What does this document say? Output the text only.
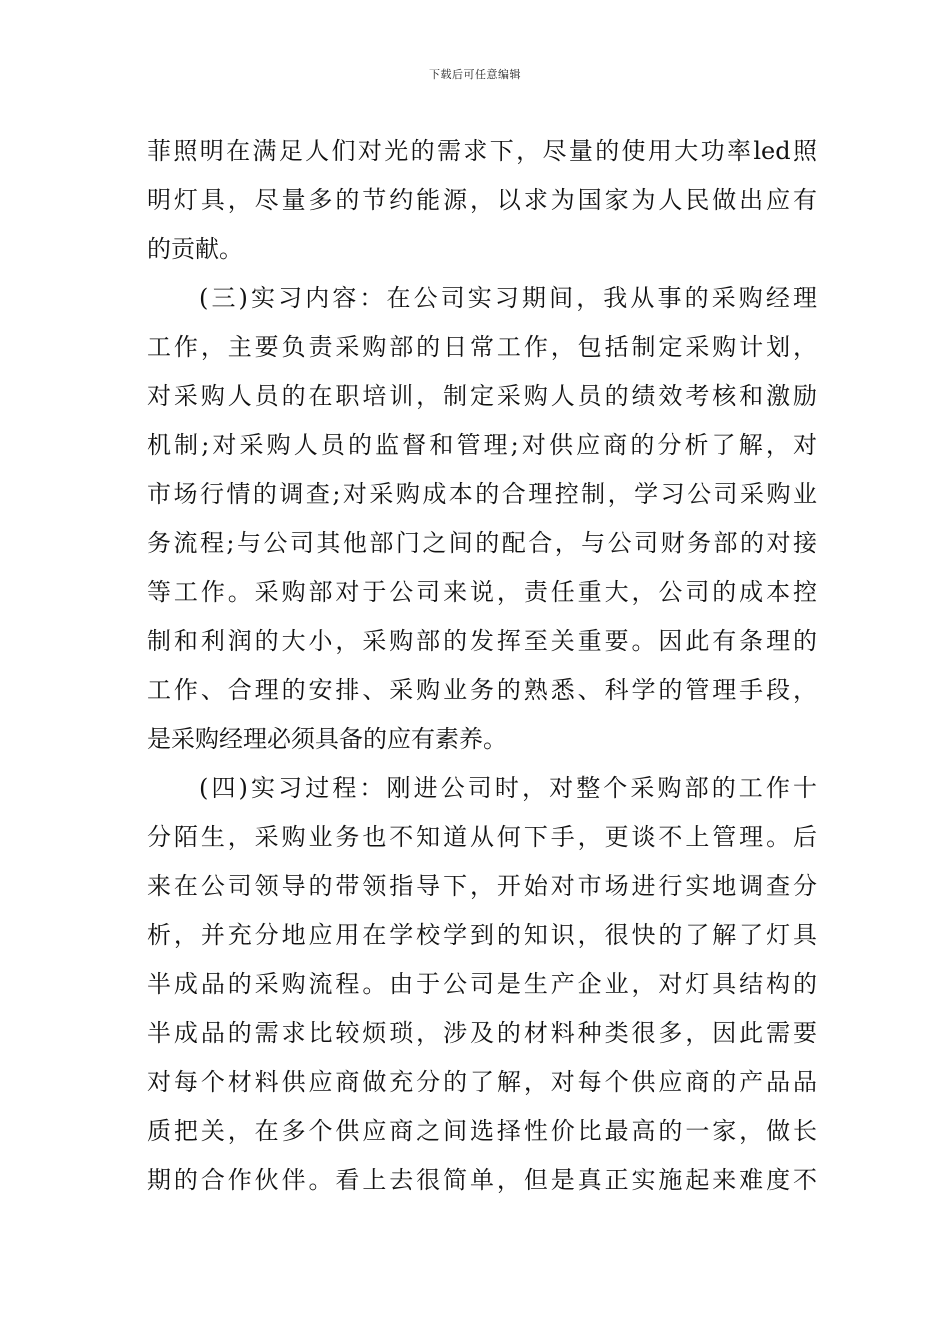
下载后可任意编辑
菲照明在满足人们对光的需求下，尽量的使用大功率led照
明灯具，尽量多的节约能源，以求为国家为人民做出应有
的贡献。
(三)实习内容：在公司实习期间，我从事的采购经理
工作，主要负责采购部的日常工作，包括制定采购计划，
对采购人员的在职培训，制定采购人员的绩效考核和激励
机制;对采购人员的监督和管理;对供应商的分析了解，对
市场行情的调查;对采购成本的合理控制，学习公司采购业
务流程;与公司其他部门之间的配合，与公司财务部的对接
等工作。采购部对于公司来说，责任重大，公司的成本控
制和利润的大小，采购部的发挥至关重要。因此有条理的
工作、合理的安排、采购业务的熟悉、科学的管理手段，
是采购经理必须具备的应有素养。
(四)实习过程：刚进公司时，对整个采购部的工作十
分陌生，采购业务也不知道从何下手，更谈不上管理。后
来在公司领导的带领指导下，开始对市场进行实地调查分
析，并充分地应用在学校学到的知识，很快的了解了灯具
半成品的采购流程。由于公司是生产企业，对灯具结构的
半成品的需求比较烦琐，涉及的材料种类很多，因此需要
对每个材料供应商做充分的了解，对每个供应商的产品品
质把关，在多个供应商之间选择性价比最高的一家，做长
期的合作伙伴。看上去很简单，但是真正实施起来难度不
